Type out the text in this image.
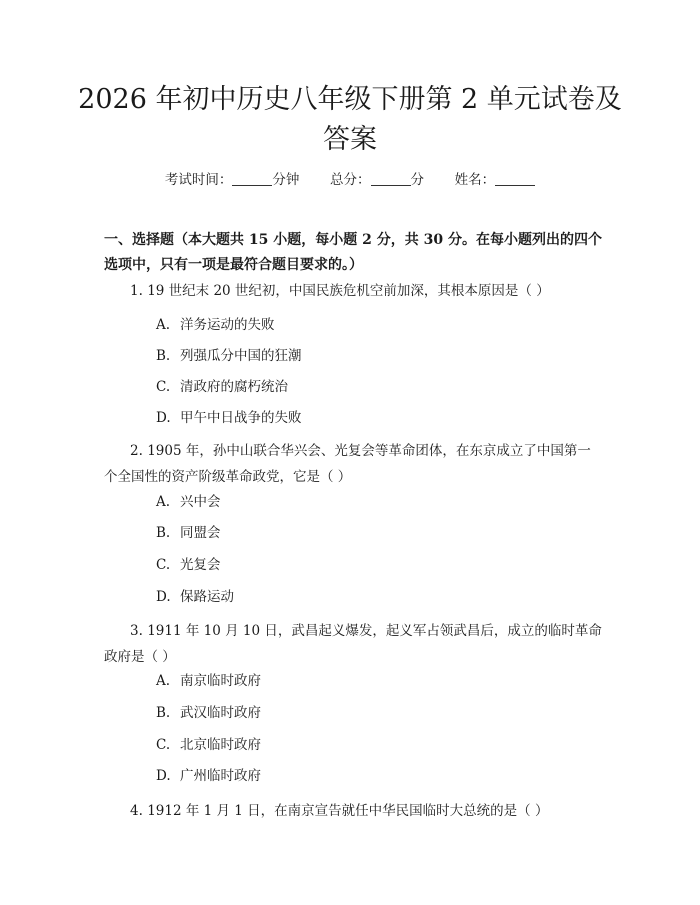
2026 年初中历史八年级下册第 2 单元试卷及答案
考试时间：	分钟 总分：	分 姓名：
一、选择题（本大题共 15 小题，每小题 2 分，共 30 分。在每小题列出的四个选项中，只有一项是最符合题目要求的。）
1. 19 世纪末 20 世纪初，中国民族危机空前加深，其根本原因是（ ）
A. 洋务运动的失败
B. 列强瓜分中国的狂潮
C. 清政府的腐朽统治
D. 甲午中日战争的失败
2. 1905 年，孙中山联合华兴会、光复会等革命团体，在东京成立了中国第一个全国性的资产阶级革命政党，它是（ ）
A. 兴中会
B. 同盟会
C. 光复会
D. 保路运动
3. 1911 年 10 月 10 日，武昌起义爆发，起义军占领武昌后，成立的临时革命政府是（ ）
A. 南京临时政府
B. 武汉临时政府
C. 北京临时政府
D. 广州临时政府
4. 1912 年 1 月 1 日，在南京宣告就任中华民国临时大总统的是（ ）
